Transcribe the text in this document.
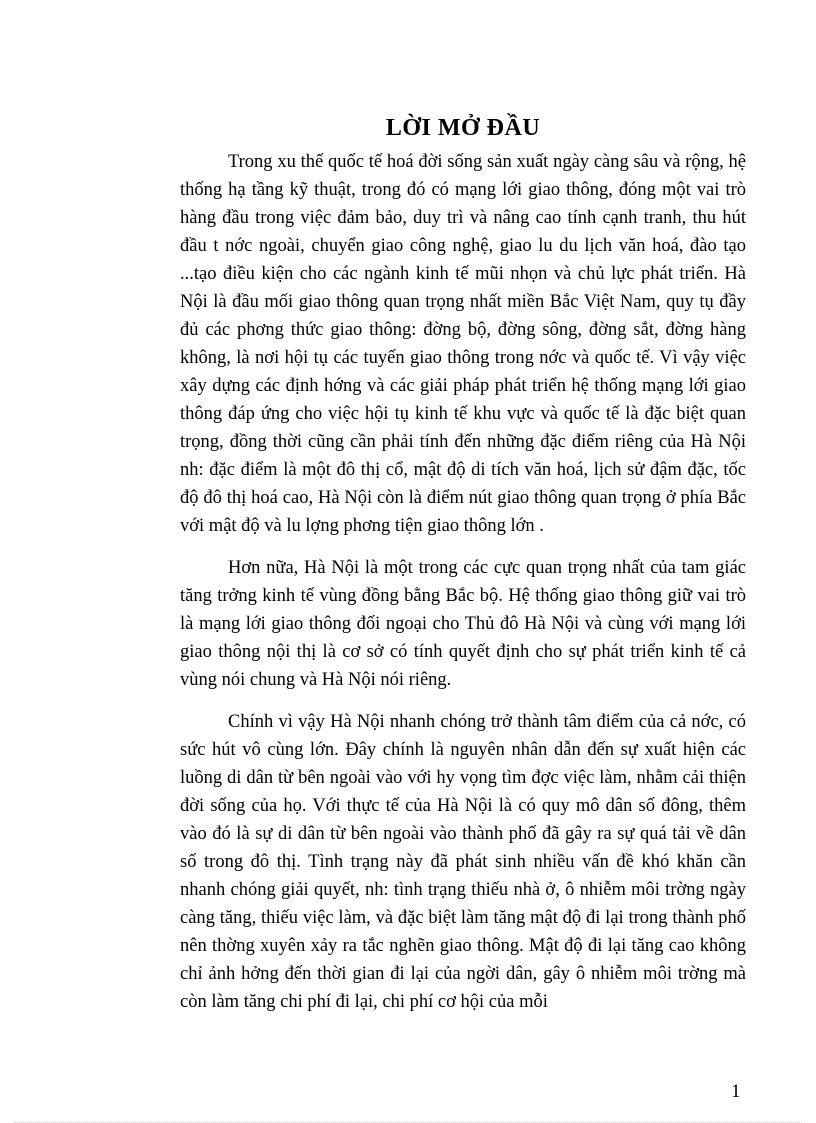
LỜI MỞ ĐẦU

Trong xu thế quốc tế hoá đời sống sản xuất ngày càng sâu và rộng, hệ thống hạ tầng kỹ thuật, trong đó có mạng lới giao thông, đóng một vai trò hàng đầu trong việc đảm bảo, duy trì và nâng cao tính cạnh tranh, thu hút đầu t nớc ngoài, chuyển giao công nghệ, giao lu du lịch văn hoá, đào tạo ...tạo điều kiện cho các ngành kinh tế mũi nhọn và chủ lực phát triển. Hà Nội là đầu mối giao thông quan trọng nhất miền Bắc Việt Nam, quy tụ đầy đủ các phơng thức giao thông: đờng bộ, đờng sông, đờng sắt, đờng hàng không, là nơi hội tụ các tuyến giao thông trong nớc và quốc tế. Vì vậy việc xây dựng các định hớng và các giải pháp phát triển hệ thống mạng lới giao thông đáp ứng cho việc hội tụ kinh tế khu vực và quốc tế là đặc biệt quan trọng, đồng thời cũng cần phải tính đến những đặc điểm riêng của Hà Nội nh: đặc điểm là một đô thị cổ, mật độ di tích văn hoá, lịch sử đậm đặc, tốc độ đô thị hoá cao, Hà Nội còn là điểm nút giao thông quan trọng ở phía Bắc với mật độ và lu lợng phơng tiện giao thông lớn .

Hơn nữa, Hà Nội là một trong các cực quan trọng nhất của tam giác tăng trởng kinh tế vùng đồng bằng Bắc bộ. Hệ thống giao thông giữ vai trò là mạng lới giao thông đối ngoại cho Thủ đô Hà Nội và cùng với mạng lới giao thông nội thị là cơ sở có tính quyết định cho sự phát triển kinh tế cả vùng nói chung và Hà Nội nói riêng.

Chính vì vậy Hà Nội nhanh chóng trở thành tâm điểm của cả nớc, có sức hút vô cùng lớn. Đây chính là nguyên nhân dẫn đến sự xuất hiện các luồng di dân từ bên ngoài vào với hy vọng tìm đợc việc làm, nhằm cải thiện đời sống của họ. Với thực tế của Hà Nội là có quy mô dân số đông, thêm vào đó là sự di dân từ bên ngoài vào thành phố đã gây ra sự quá tải về dân số trong đô thị. Tình trạng này đã phát sinh nhiều vấn đề khó khăn cần nhanh chóng giải quyết, nh: tình trạng thiếu nhà ở, ô nhiễm môi trờng ngày càng tăng, thiếu việc làm, và đặc biệt làm tăng mật độ đi lại trong thành phố nên thờng xuyên xảy ra tắc nghẽn giao thông. Mật độ đi lại tăng cao không chỉ ảnh hởng đến thời gian đi lại của ngời dân, gây ô nhiễm môi trờng mà còn làm tăng chi phí đi lại, chi phí cơ hội của mỗi

1
